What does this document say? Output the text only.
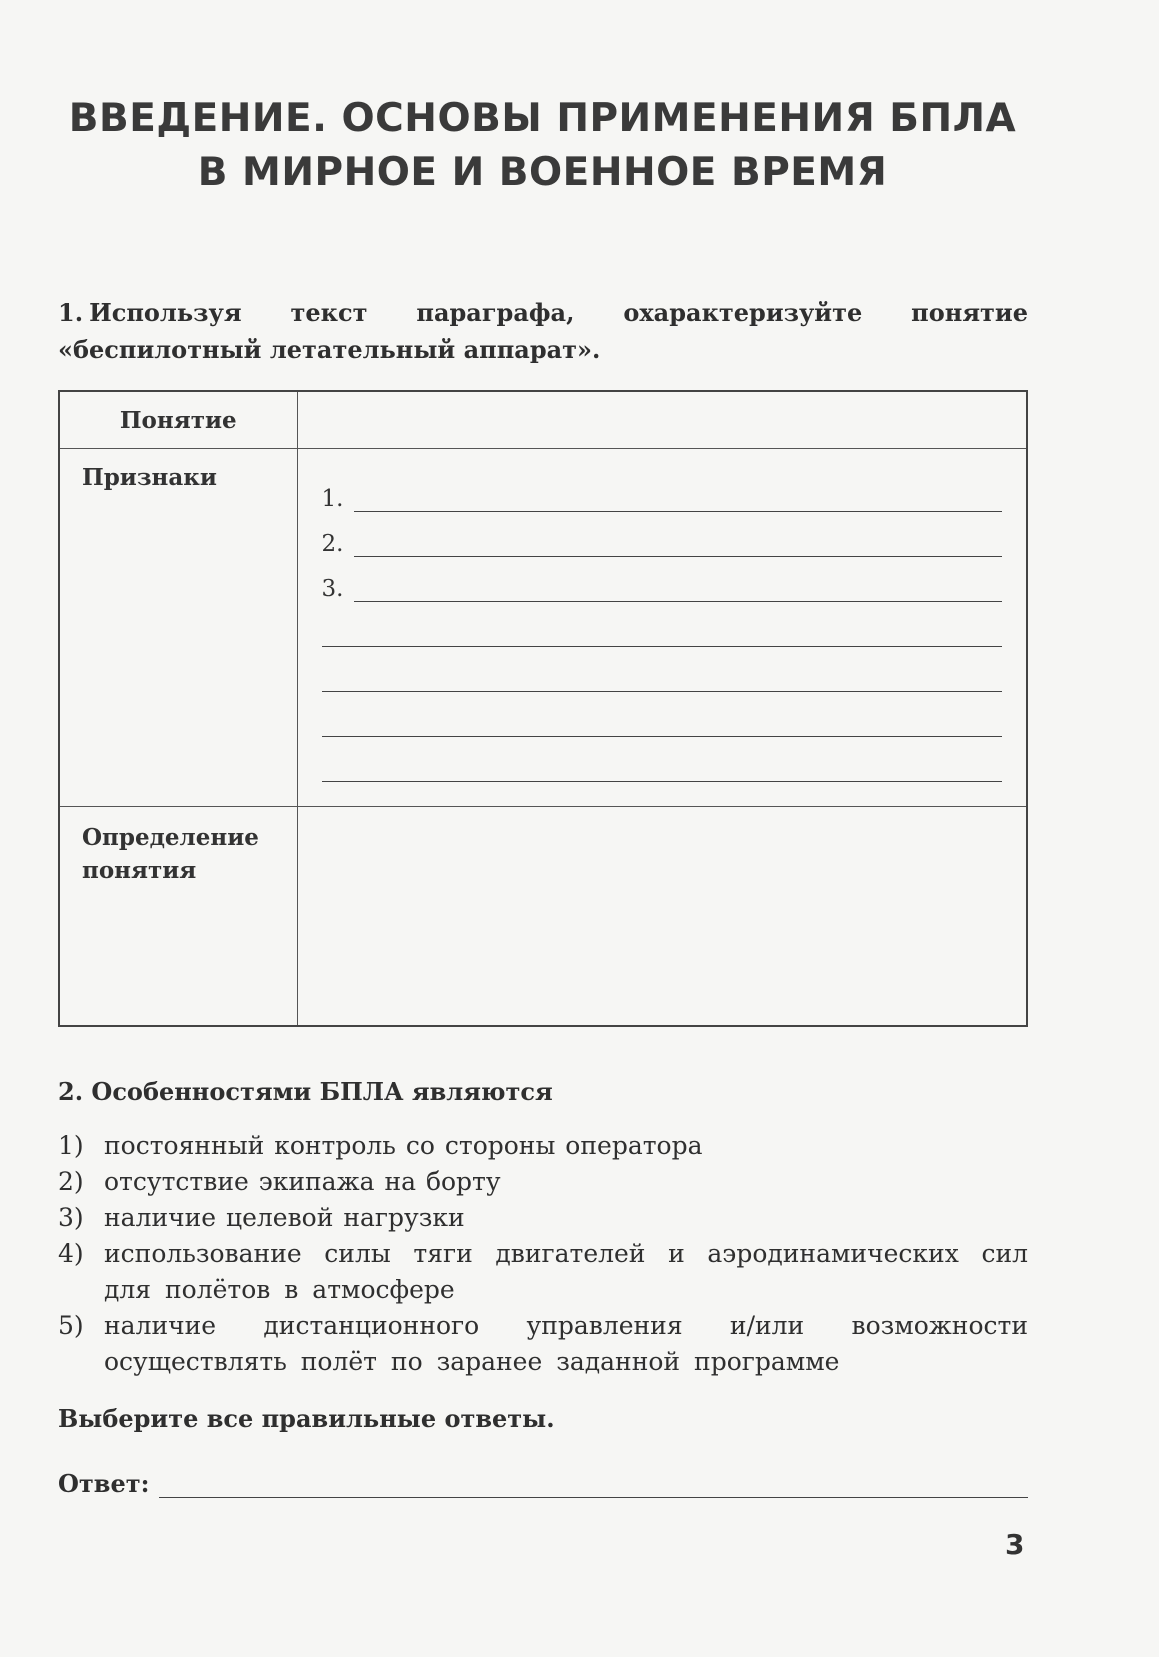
ВВЕДЕНИЕ. ОСНОВЫ ПРИМЕНЕНИЯ БПЛА
В МИРНОЕ И ВОЕННОЕ ВРЕМЯ

1. Используя текст параграфа, охарактеризуйте понятие «беспилотный летательный аппарат».

Понятие	
Признаки	1.
2.
3.

Определение понятия	

2. Особенностями БПЛА являются

1) постоянный контроль со стороны оператора
2) отсутствие экипажа на борту
3) наличие целевой нагрузки
4) использование силы тяги двигателей и аэродинамических сил для полётов в атмосфере
5) наличие дистанционного управления и/или возможности осуществлять полёт по заранее заданной программе

Выберите все правильные ответы.

Ответ:
3
